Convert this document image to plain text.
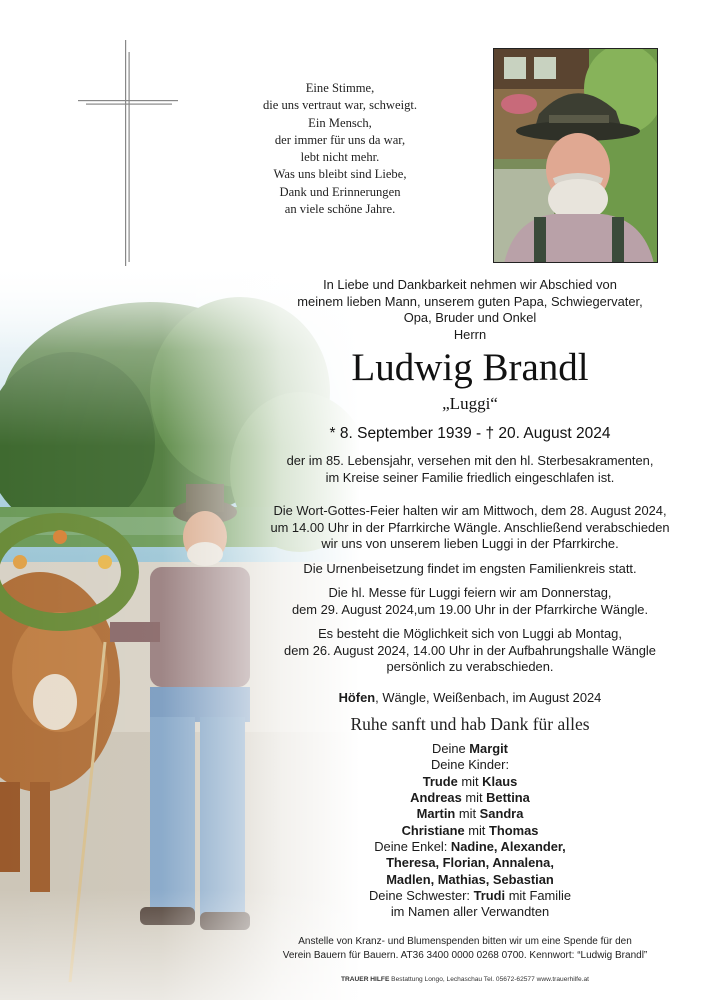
Eine Stimme,
die uns vertraut war, schweigt.
Ein Mensch,
der immer für uns da war,
lebt nicht mehr.
Was uns bleibt sind Liebe,
Dank und Erinnerungen
an viele schöne Jahre.
In Liebe und Dankbarkeit nehmen wir Abschied von
meinem lieben Mann, unserem guten Papa, Schwiegervater,
Opa, Bruder und Onkel
Herrn
Ludwig Brandl
„Luggi“
* 8. September 1939 - † 20. August 2024
der im 85. Lebensjahr, versehen mit den hl. Sterbesakramenten,
im Kreise seiner Familie friedlich eingeschlafen ist.
Die Wort-Gottes-Feier halten wir am Mittwoch, dem 28. August 2024,
um 14.00 Uhr in der Pfarrkirche Wängle. Anschließend verabschieden
wir uns von unserem lieben Luggi in der Pfarrkirche.
Die Urnenbeisetzung findet im engsten Familienkreis statt.
Die hl. Messe für Luggi feiern wir am Donnerstag,
dem 29. August 2024,um 19.00 Uhr in der Pfarrkirche Wängle.
Es besteht die Möglichkeit sich von Luggi ab Montag,
dem 26. August 2024, 14.00 Uhr in der Aufbahrungshalle Wängle
persönlich zu verabschieden.
Höfen, Wängle, Weißenbach, im August 2024
Ruhe sanft und hab Dank für alles
Deine Margit
Deine Kinder:
Trude mit Klaus
Andreas mit Bettina
Martin mit Sandra
Christiane mit Thomas
Deine Enkel: Nadine, Alexander,
Theresa, Florian, Annalena,
Madlen, Mathias, Sebastian
Deine Schwester: Trudi mit Familie
im Namen aller Verwandten
Anstelle von Kranz- und Blumenspenden bitten wir um eine Spende für den
Verein Bauern für Bauern. AT36 3400 0000 0268 0700. Kennwort: “Ludwig Brandl”
TRAUER HILFE Bestattung Longo, Lechaschau Tel. 05672-62577 www.trauerhilfe.at
